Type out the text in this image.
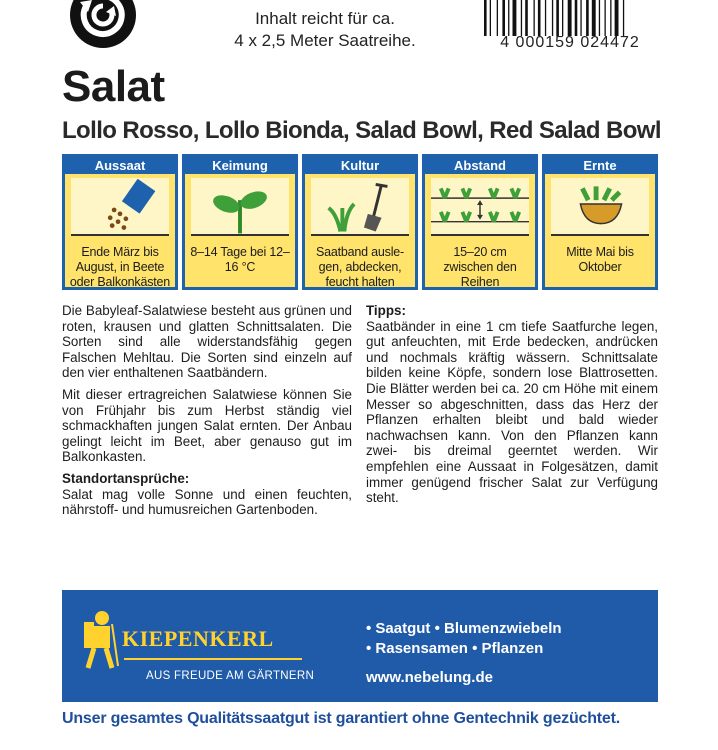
Inhalt reicht für ca.
4 x 2,5 Meter Saatreihe.	4 000159 024472
Salat
Lollo Rosso, Lollo Bionda, Salad Bowl, Red Salad Bowl
Aussaat
Ende März bis August, in Beete oder Balkonkästen
Keimung
8–14 Tage bei 12–16 °C
Kultur
Saatband ausle-gen, abdecken, feucht halten
Abstand
15–20 cm zwischen den Reihen
Ernte
Mitte Mai bis Oktober

Die Babyleaf-Salatwiese besteht aus grünen und roten, krausen und glatten Schnittsalaten. Die Sorten sind alle widerstandsfähig gegen Falschen Mehltau. Die Sorten sind einzeln auf den vier enthaltenen Saatbändern.

Mit dieser ertragreichen Salatwiese können Sie von Frühjahr bis zum Herbst ständig viel schmackhaften jungen Salat ernten. Der Anbau gelingt leicht im Beet, aber genauso gut im Balkonkasten.

Standortansprüche:

Salat mag volle Sonne und einen feuchten, nährstoff- und humusreichen Gartenboden.

Tipps:

Saatbänder in eine 1 cm tiefe Saatfurche legen, gut anfeuchten, mit Erde bedecken, andrücken und nochmals kräftig wässern. Schnittsalate bilden keine Köpfe, sondern lose Blattrosetten. Die Blätter werden bei ca. 20 cm Höhe mit einem Messer so abgeschnitten, dass das Herz der Pflanzen erhalten bleibt und bald wieder nachwachsen kann. Von den Pflanzen kann zwei- bis dreimal geerntet werden. Wir empfehlen eine Aussaat in Folgesätzen, damit immer genügend frischer Salat zur Verfügung steht.

KIEPENKERL
AUS FREUDE AM GÄRTNERN
• Saatgut • Blumenzwiebeln
• Rasensamen • Pflanzen
www.nebelung.de
Unser gesamtes Qualitätssaatgut ist garantiert ohne Gentechnik gezüchtet.
